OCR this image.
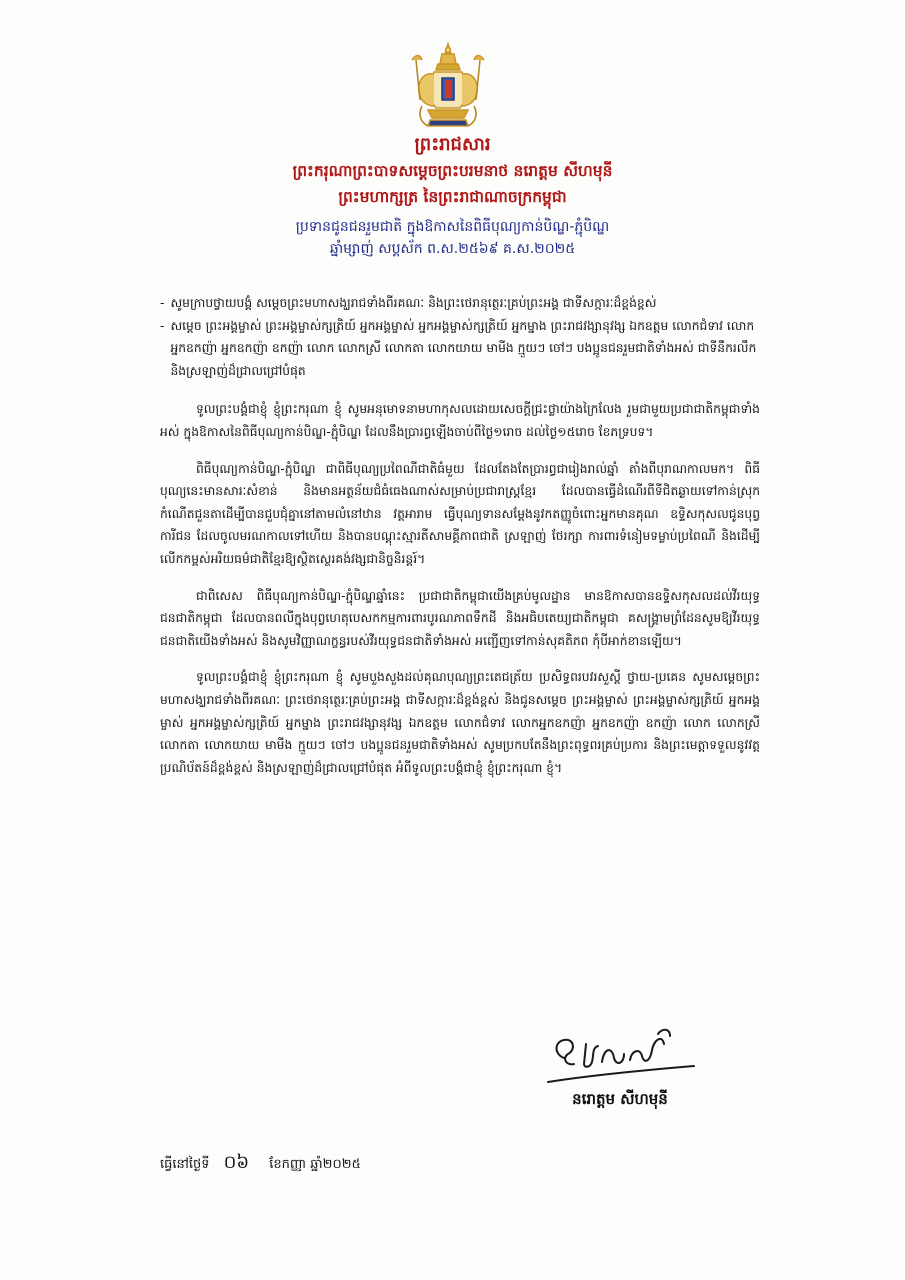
ព្រះរាជសារ
ព្រះករុណាព្រះបាទសម្តេចព្រះបរមនាថ នរោត្តម សីហមុនី
ព្រះមហាក្សត្រ នៃព្រះរាជាណាចក្រកម្ពុជា
ប្រទានជូនជនរួមជាតិ ក្នុងឱកាសនៃពិធីបុណ្យកាន់បិណ្ឌ-ភ្ជុំបិណ្ឌ
ឆ្នាំម្សាញ់ សប្តស័ក ព.ស.២៥៦៩ គ.ស.២០២៥

- សូមក្រាបថ្វាយបង្គំ សម្តេចព្រះមហាសង្ឃរាជទាំងពីរគណៈ និងព្រះថេរានុត្ថេរៈគ្រប់ព្រះអង្គ ជាទីសក្ការៈដ៏ខ្ពង់ខ្ពស់

- សម្តេច ព្រះអង្គម្ចាស់ ព្រះអង្គម្ចាស់ក្សត្រិយ៍ អ្នកអង្គម្ចាស់ អ្នកអង្គម្ចាស់ក្សត្រិយ៍ អ្នកម្នាង ព្រះរាជវង្សានុវង្ស ឯកឧត្តម លោកជំទាវ លោកអ្នកឧកញ៉ា អ្នកឧកញ៉ា ឧកញ៉ា លោក លោកស្រី លោកតា លោកយាយ មាមីង ក្មួយៗ ចៅៗ បងប្អូនជនរួមជាតិទាំងអស់ ជាទីនឹករលឹក និងស្រឡាញ់ដ៏ជ្រាលជ្រៅបំផុត

ទូលព្រះបង្គំជាខ្ញុំ ខ្ញុំព្រះករុណា ខ្ញុំ សូមអនុមោទនាមហាកុសលដោយសេចក្តីជ្រះថ្លាយ៉ាងក្រៃលែង រួមជាមួយប្រជាជាតិកម្ពុជាទាំងអស់ ក្នុងឱកាសនៃពិធីបុណ្យកាន់បិណ្ឌ-ភ្ជុំបិណ្ឌ ដែលនឹងប្រារព្ធឡើងចាប់ពីថ្ងៃ១រោច ដល់ថ្ងៃ១៥រោច ខែភទ្របទ។

ពិធីបុណ្យកាន់បិណ្ឌ-ភ្ជុំបិណ្ឌ ជាពិធីបុណ្យប្រពៃណីជាតិធំមួយ ដែលតែងតែប្រារព្ធជារៀងរាល់ឆ្នាំ តាំងពីបុរាណកាលមក។ ពិធីបុណ្យនេះមានសារៈសំខាន់ និងមានអត្ថន័យជំធំធេងណាស់សម្រាប់ប្រជារាស្ត្រខ្មែរ ដែលបានធ្វើដំណើរពីទីជិតឆ្ងាយទៅកាន់ស្រុកកំណើតជួនតាដើម្បីបានជួបជុំគ្នានៅតាមលំនៅឋាន វត្តអារាម ធ្វើបុណ្យទានសម្តែងនូវកតញ្ញូចំពោះអ្នកមានគុណ ឧទ្ទិសកុសលជូនបុព្វការីជន ដែលចូលមរណកាលទៅហើយ និងបានបណ្តុះស្មារតីសាមគ្គីភាពជាតិ ស្រឡាញ់ ថែរក្សា ការពារទំនៀមទម្លាប់ប្រពៃណី និងដើម្បីលើកកម្ពស់អរិយធម៌ជាតិខ្មែរឱ្យស្ថិតស្ថេរគង់វង្សជានិច្ចនិរន្តរ៍។

ជាពិសេស ពិធីបុណ្យកាន់បិណ្ឌ-ភ្ជុំបិណ្ឌឆ្នាំនេះ ប្រជាជាតិកម្ពុជាយើងគ្រប់មូលដ្ឋាន មានឱកាសបានឧទ្ទិសកុសលដល់វីរយុទ្ធជនជាតិកម្ពុជា ដែលបានពលីក្នុងបុព្វហេតុបេសកកម្មការពារបូរណភាពទឹកដី និងអធិបតេយ្យជាតិកម្ពុជា គសង្គ្រាមព្រំដែនសូមឱ្យវីរយុទ្ធជនជាតិយើងទាំងអស់ និងសូមវិញ្ញាណក្ខន្ធរបស់វីរយុទ្ធជនជាតិទាំងអស់ អញ្ជើញទៅកាន់សុគតិភព កុំបីអាក់ខានឡើយ។

ទូលព្រះបង្គំជាខ្ញុំ ខ្ញុំព្រះករុណា ខ្ញុំ សូមបួងសួងដល់គុណបុណ្យព្រះតេជត្រ័យ ប្រសិទ្ធពរបវរសួស្តី ថ្វាយ-ប្រគេន សូមសម្តេចព្រះមហាសង្ឃរាជទាំងពីរគណៈ ព្រះថេរានុត្ថេរៈគ្រប់ព្រះអង្គ ជាទីសក្ការៈដ៏ខ្ពង់ខ្ពស់ និងជូនសម្តេច ព្រះអង្គម្ចាស់ ព្រះអង្គម្ចាស់ក្សត្រិយ៍ អ្នកអង្គម្ចាស់ អ្នកអង្គម្ចាស់ក្សត្រិយ៍ អ្នកម្នាង ព្រះរាជវង្សានុវង្ស ឯកឧត្តម លោកជំទាវ លោកអ្នកឧកញ៉ា អ្នកឧកញ៉ា ឧកញ៉ា លោក លោកស្រី លោកតា លោកយាយ មាមីង ក្មួយៗ ចៅៗ បងប្អូនជនរួមជាតិទាំងអស់ សូមប្រកបតែនឹងព្រះពុទ្ធពរគ្រប់ប្រការ និងព្រះមេត្តាទទួលនូវវត្តប្រណិប័តន៍ដ៏ខ្ពង់ខ្ពស់ និងស្រឡាញ់ដ៏ជ្រាលជ្រៅបំផុត អំពីទូលព្រះបង្គំជាខ្ញុំ ខ្ញុំព្រះករុណា ខ្ញុំ។

នរោត្តម សីហមុនី
ធ្វើនៅថ្ងៃទី ០៦ ខែកញ្ញា ឆ្នាំ២០២៥
